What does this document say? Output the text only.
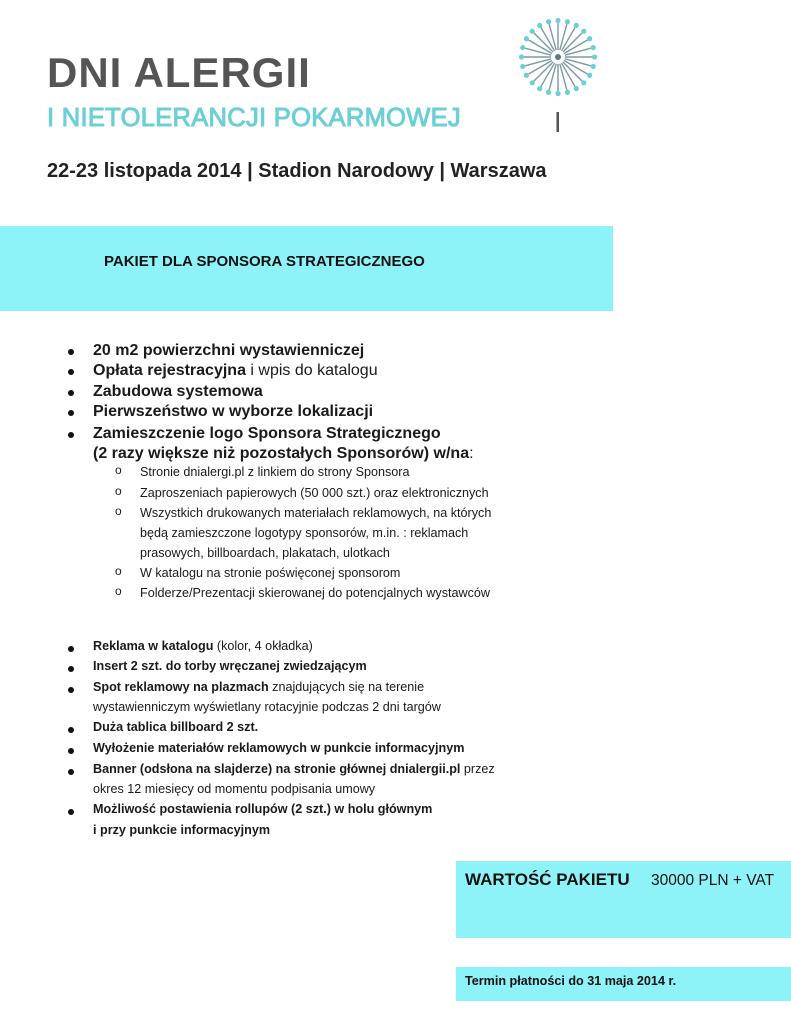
DNI ALERGII
I NIETOLERANCJI POKARMOWEJ
22-23 listopada 2014 | Stadion Narodowy | Warszawa
PAKIET DLA SPONSORA STRATEGICZNEGO
20 m2 powierzchni wystawienniczej
Opłata rejestracyjna i wpis do katalogu
Zabudowa systemowa
Pierwszeństwo w wyborze lokalizacji
Zamieszczenie logo Sponsora Strategicznego
(2 razy większe niż pozostałych Sponsorów) w/na:
o Stronie dnialergi.pl z linkiem do strony Sponsora
o Zaproszeniach papierowych (50 000 szt.) oraz elektronicznych
o Wszystkich drukowanych materiałach reklamowych, na których
będą zamieszczone logotypy sponsorów, m.in. : reklamach
prasowych, billboardach, plakatach, ulotkach
o W katalogu na stronie poświęconej sponsorom
o Folderze/Prezentacji skierowanej do potencjalnych wystawców
Reklama w katalogu (kolor, 4 okładka)
Insert 2 szt. do torby wręczanej zwiedzającym
Spot reklamowy na plazmach znajdujących się na terenie
wystawienniczym wyświetlany rotacyjnie podczas 2 dni targów
Duża tablica billboard 2 szt.
Wyłożenie materiałów reklamowych w punkcie informacyjnym
Banner (odsłona na slajderze) na stronie głównej dnialergii.pl przez
okres 12 miesięcy od momentu podpisania umowy
Możliwość postawienia rollupów (2 szt.) w holu głównym
i przy punkcie informacyjnym
WARTOŚĆ PAKIETU 30000 PLN + VAT
Termin płatności do 31 maja 2014 r.
